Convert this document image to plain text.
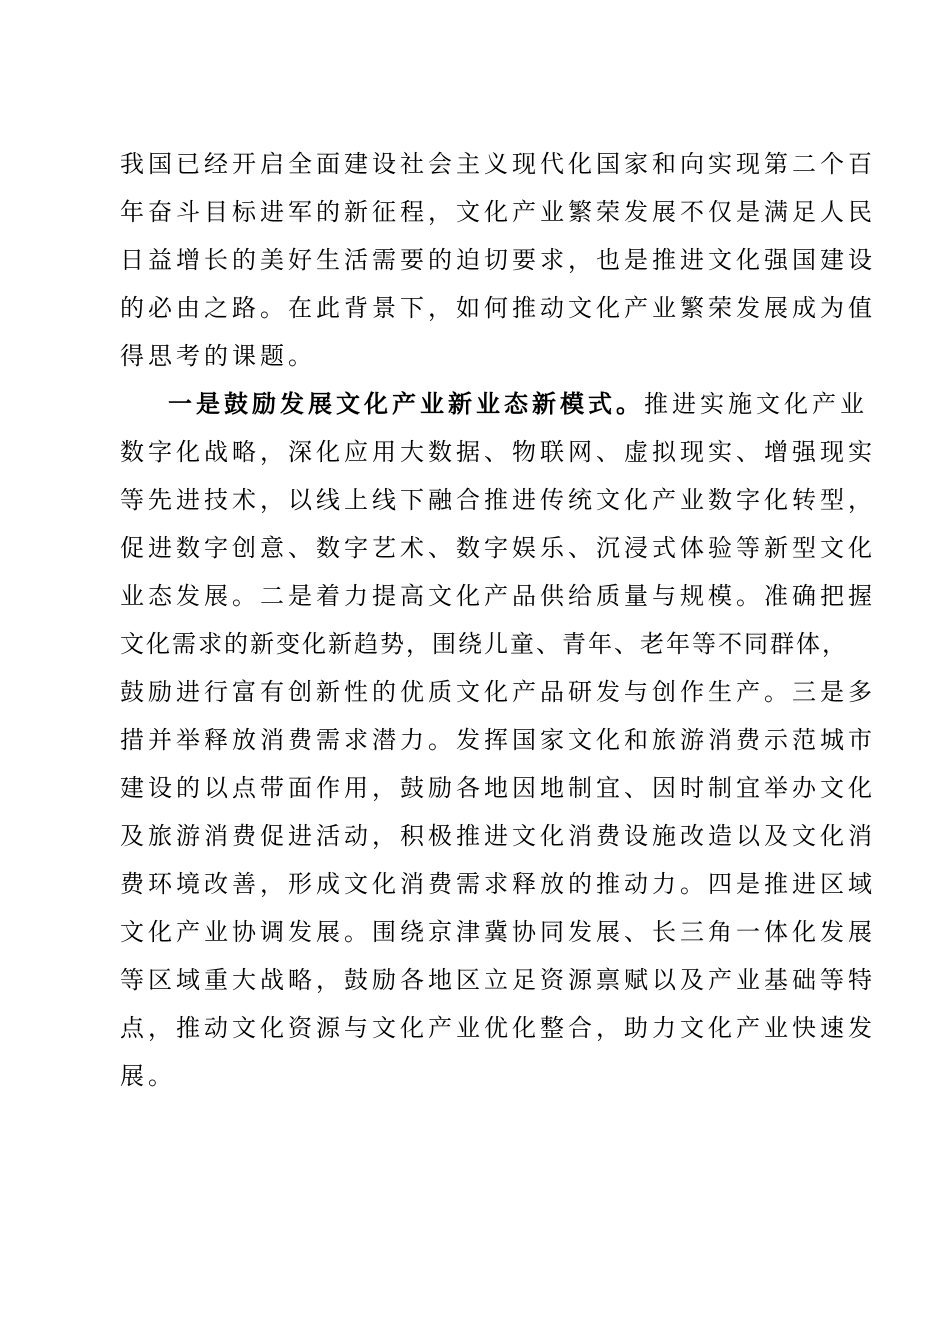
我国已经开启全面建设社会主义现代化国家和向实现第二个百
年奋斗目标进军的新征程，文化产业繁荣发展不仅是满足人民
日益增长的美好生活需要的迫切要求，也是推进文化强国建设
的必由之路。在此背景下，如何推动文化产业繁荣发展成为值
得思考的课题。
一是鼓励发展文化产业新业态新模式。推进实施文化产业
数字化战略，深化应用大数据、物联网、虚拟现实、增强现实
等先进技术，以线上线下融合推进传统文化产业数字化转型，
促进数字创意、数字艺术、数字娱乐、沉浸式体验等新型文化
业态发展。二是着力提高文化产品供给质量与规模。准确把握
文化需求的新变化新趋势，围绕儿童、青年、老年等不同群体，
鼓励进行富有创新性的优质文化产品研发与创作生产。三是多
措并举释放消费需求潜力。发挥国家文化和旅游消费示范城市
建设的以点带面作用，鼓励各地因地制宜、因时制宜举办文化
及旅游消费促进活动，积极推进文化消费设施改造以及文化消
费环境改善，形成文化消费需求释放的推动力。四是推进区域
文化产业协调发展。围绕京津冀协同发展、长三角一体化发展
等区域重大战略，鼓励各地区立足资源禀赋以及产业基础等特
点，推动文化资源与文化产业优化整合，助力文化产业快速发
展。
